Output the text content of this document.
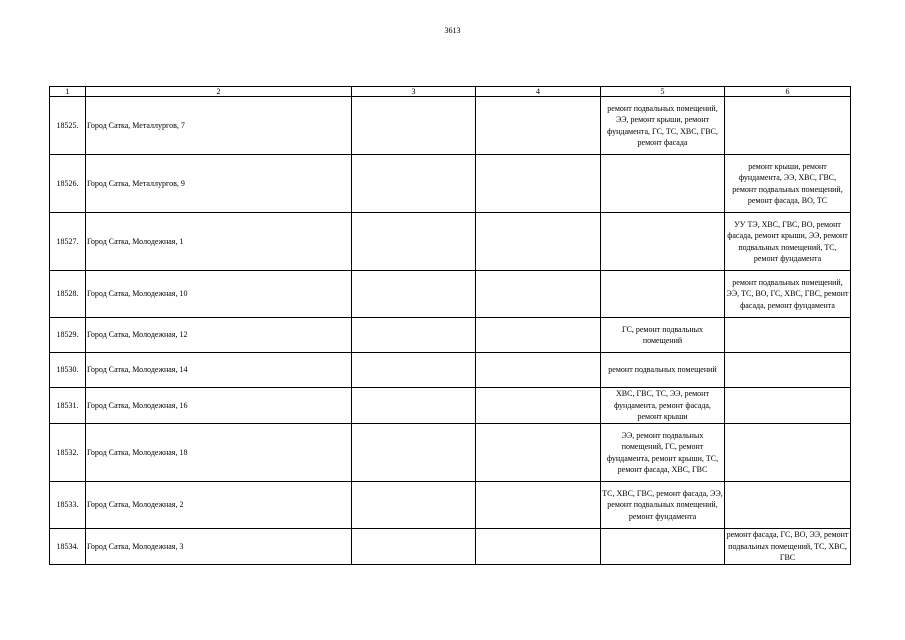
3613
1	2	3	4	5	6
18525.	Город Сатка, Металлургов, 7			ремонт подвальных помещений, ЭЭ, ремонт крыши, ремонт фундамента, ГС, ТС, ХВС, ГВС, ремонт фасада	
18526.	Город Сатка, Металлургов, 9				ремонт крыши, ремонт фундамента, ЭЭ, ХВС, ГВС, ремонт подвальных помещений, ремонт фасада, ВО, ТС
18527.	Город Сатка, Молодежная, 1				УУ ТЭ, ХВС, ГВС, ВО, ремонт фасада, ремонт крыши, ЭЭ, ремонт подвальных помещений, ТС, ремонт фундамента
18528.	Город Сатка, Молодежная, 10				ремонт подвальных помещений, ЭЭ, ТС, ВО, ГС, ХВС, ГВС, ремонт фасада, ремонт фундамента
18529.	Город Сатка, Молодежная, 12			ГС, ремонт подвальных помещений	
18530.	Город Сатка, Молодежная, 14			ремонт подвальных помещений	
18531.	Город Сатка, Молодежная, 16			ХВС, ГВС, ТС, ЭЭ, ремонт фундамента, ремонт фасада, ремонт крыши	
18532.	Город Сатка, Молодежная, 18			ЭЭ, ремонт подвальных помещений, ГС, ремонт фундамента, ремонт крыши, ТС, ремонт фасада, ХВС, ГВС	
18533.	Город Сатка, Молодежная, 2			ТС, ХВС, ГВС, ремонт фасада, ЭЭ, ремонт подвальных помещений, ремонт фундамента	
18534.	Город Сатка, Молодежная, 3				ремонт фасада, ГС, ВО, ЭЭ, ремонт подвальных помещений, ТС, ХВС, ГВС
